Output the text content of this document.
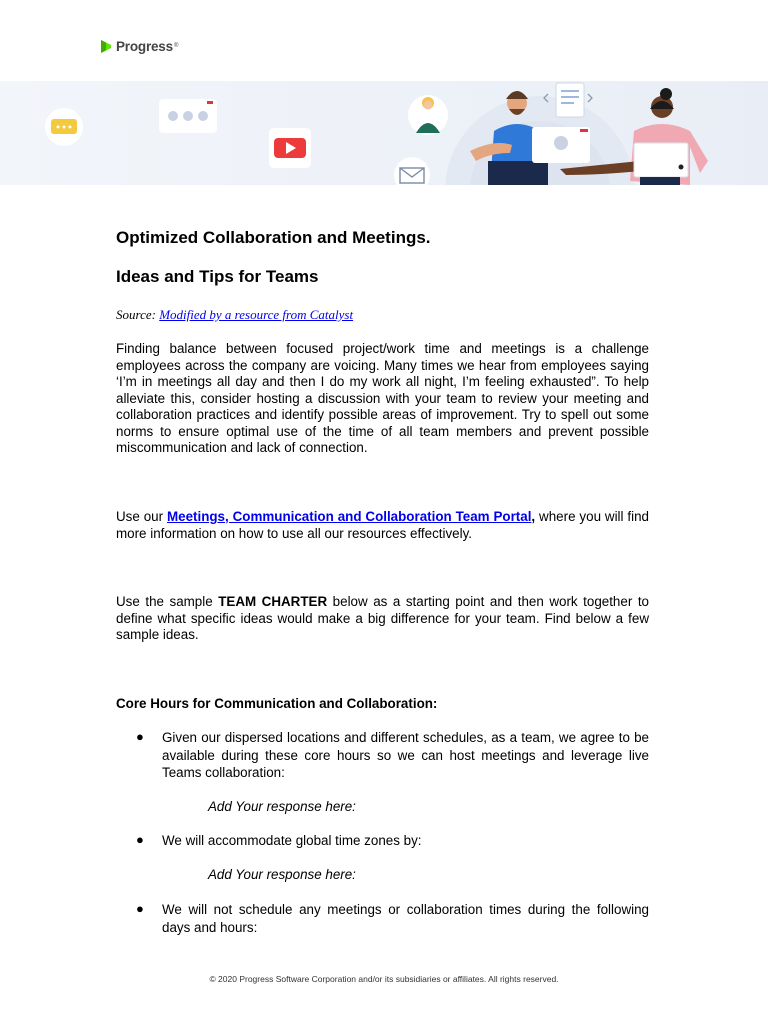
Progress ®
Optimized Collaboration and Meetings.
Ideas and Tips for Teams
Source: Modified by a resource from Catalyst

Finding balance between focused project/work time and meetings is a challenge employees across the company are voicing. Many times we hear from employees saying ‘I’m in meetings all day and then I do my work all night, I’m feeling exhausted”. To help alleviate this, consider hosting a discussion with your team to review your meeting and collaboration practices and identify possible areas of improvement. Try to spell out some norms to ensure optimal use of the time of all team members and prevent possible miscommunication and lack of connection.

Use our Meetings, Communication and Collaboration Team Portal, where you will find more information on how to use all our resources effectively.

Use the sample TEAM CHARTER below as a starting point and then work together to define what specific ideas would make a big difference for your team. Find below a few sample ideas.

Core Hours for Communication and Collaboration:
●	Given our dispersed locations and different schedules, as a team, we agree to be available during these core hours so we can host meetings and leverage live Teams collaboration:
Add Your response here:
●	We will accommodate global time zones by:
Add Your response here:
●	We will not schedule any meetings or collaboration times during the following days and hours:
© 2020 Progress Software Corporation and/or its subsidiaries or affiliates. All rights reserved.
